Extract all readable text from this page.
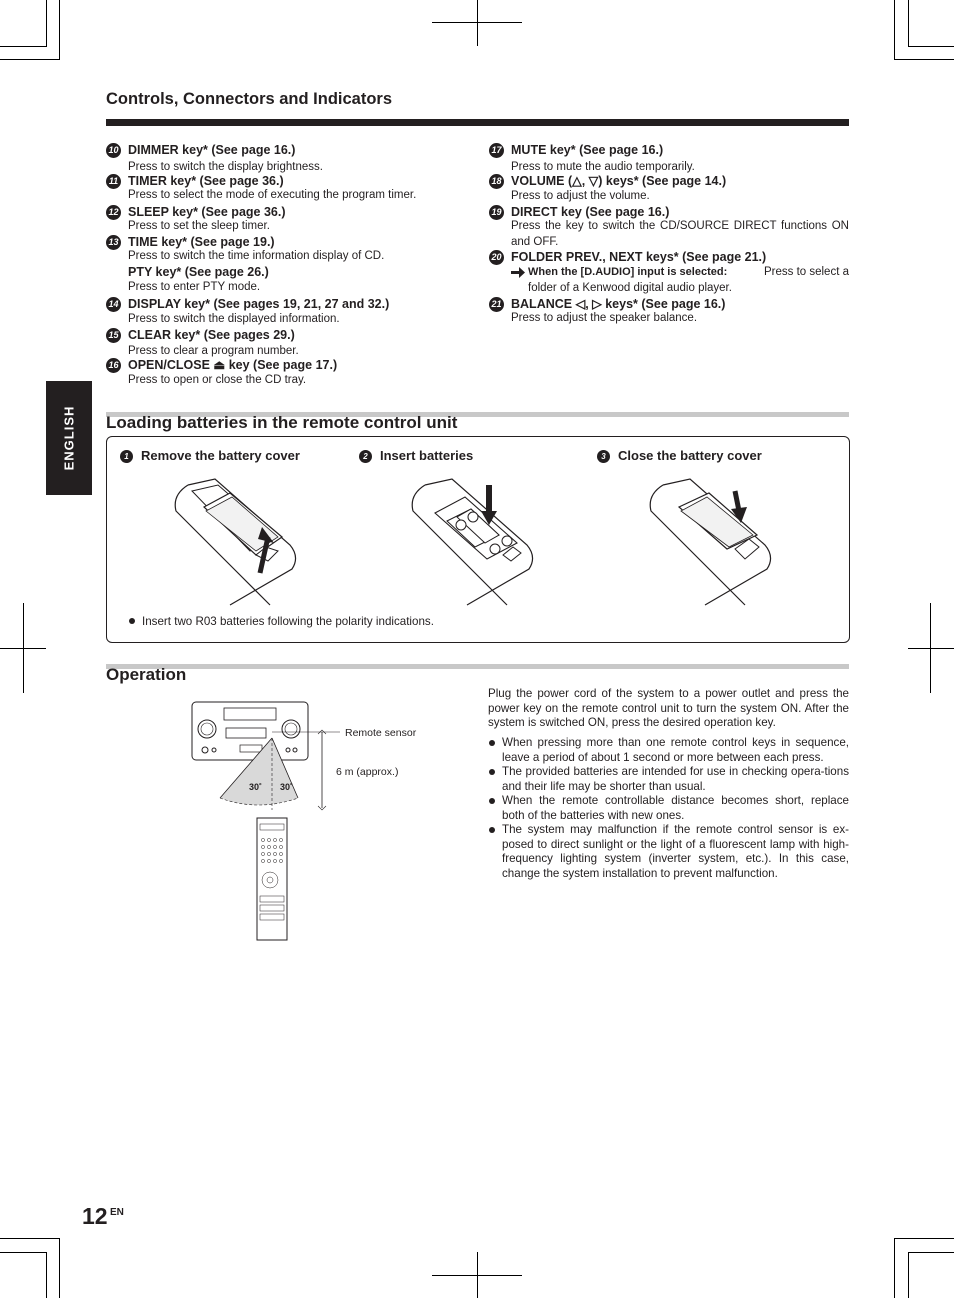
Controls, Connectors and Indicators
ENGLISH
10 DIMMER key* (See page 16.)
Press to switch the display brightness.
11 TIMER key* (See page 36.)
Press to select the mode of executing the program timer.
12 SLEEP key* (See page 36.)
Press to set the sleep timer.
13 TIME key* (See page 19.)
Press to switch the time information display of CD.
PTY key* (See page 26.)
Press to enter PTY mode.
14 DISPLAY key* (See pages 19, 21, 27 and 32.)
Press to switch the displayed information.
15 CLEAR key* (See pages 29.)
Press to clear a program number.
16 OPEN/CLOSE ⏏ key (See page 17.)
Press to open or close the CD tray.
17 MUTE key* (See page 16.)
Press to mute the audio temporarily.
18 VOLUME (△, ▽) keys* (See page 14.)
Press to adjust the volume.
19 DIRECT key (See page 16.)
Press the key to switch the CD/SOURCE DIRECT functions ON and OFF.
20 FOLDER PREV., NEXT keys* (See page 21.)
When the [D.AUDIO] input is selected:	Press to select a
folder of a Kenwood digital audio player.
21 BALANCE ◁, ▷ keys* (See page 16.)
Press to adjust the speaker balance.
Loading batteries in the remote control unit
1 Remove the battery cover	2 Insert batteries	3 Close the battery cover
Insert two R03 batteries following the polarity indications.
Operation
Remote sensor
6 m (approx.)
30˚ 30˚
Plug the power cord of the system to a power outlet and press the power key on the remote control unit to turn the system ON. After the system is switched ON, press the desired operation key.
When pressing more than one remote control keys in sequence, leave a period of about 1 second or more between each press.
The provided batteries are intended for use in checking opera-tions and their life may be shorter than usual.
When the remote controllable distance becomes short, replace both of the batteries with new ones.
The system may malfunction if the remote control sensor is ex-posed to direct sunlight or the light of a fluorescent lamp with high-frequency lighting system (inverter system, etc.). In this case, change the system installation to prevent malfunction.
12 EN
